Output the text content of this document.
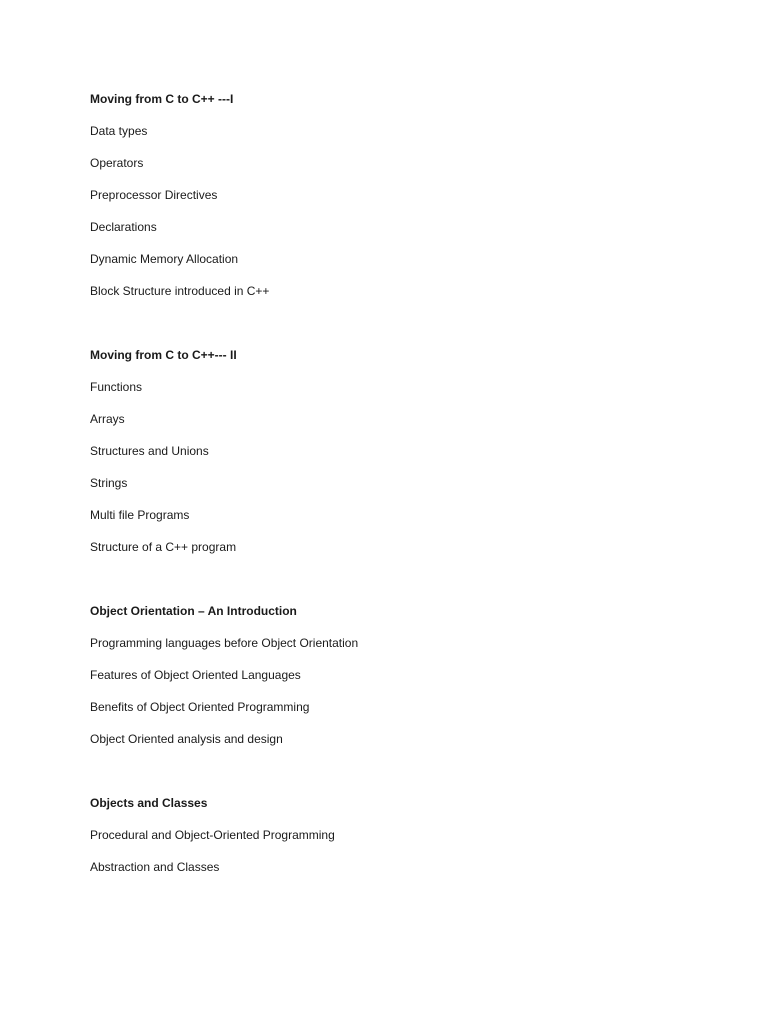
Moving from C to C++ ---I
Data types
Operators
Preprocessor Directives
Declarations
Dynamic Memory Allocation
Block Structure introduced in C++
Moving from C to C++--- II
Functions
Arrays
Structures and Unions
Strings
Multi file Programs
Structure of a C++ program
Object Orientation – An Introduction
Programming languages before Object Orientation
Features of Object Oriented Languages
Benefits of Object Oriented Programming
Object Oriented analysis and design
Objects and Classes
Procedural and Object-Oriented Programming
Abstraction and Classes
